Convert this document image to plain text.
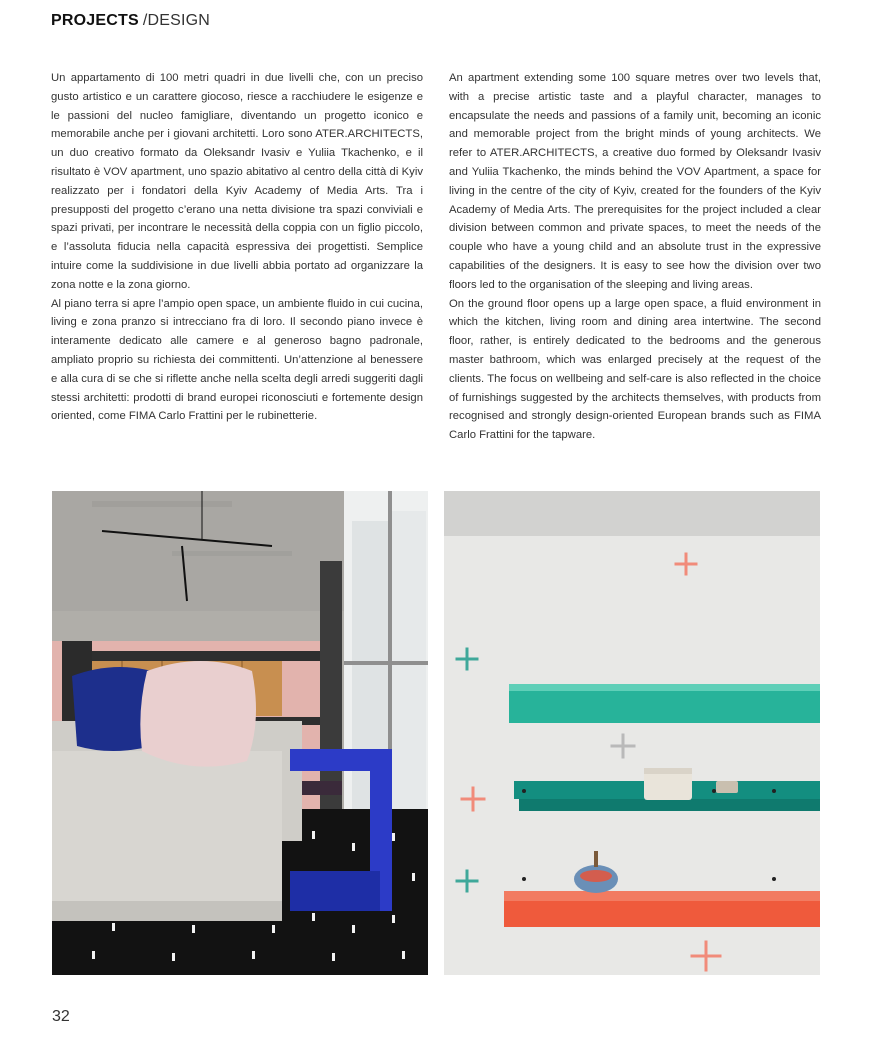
PROJECTS /DESIGN

Un appartamento di 100 metri quadri in due livelli che, con un preciso gusto artistico e un carattere giocoso, riesce a racchiudere le esigenze e le passioni del nucleo famigliare, diventando un progetto iconico e memorabile anche per i giovani architetti. Loro sono ATER.ARCHITECTS, un duo creativo formato da Oleksandr Ivasiv e Yuliia Tkachenko, e il risultato è VOV apartment, uno spazio abitativo al centro della città di Kyiv realizzato per i fondatori della Kyiv Academy of Media Arts. Tra i presupposti del progetto c’erano una netta divisione tra spazi conviviali e spazi privati, per incontrare le necessità della coppia con un figlio piccolo, e l’assoluta fiducia nella capacità espressiva dei progettisti. Semplice intuire come la suddivisione in due livelli abbia portato ad organizzare la zona notte e la zona giorno.

Al piano terra si apre l’ampio open space, un ambiente fluido in cui cucina, living e zona pranzo si intrecciano fra di loro. Il secondo piano invece è interamente dedicato alle camere e al generoso bagno padronale, ampliato proprio su richiesta dei committenti. Un’attenzione al benessere e alla cura di se che si riflette anche nella scelta degli arredi suggeriti dagli stessi architetti: prodotti di brand europei riconosciuti e fortemente design oriented, come FIMA Carlo Frattini per le rubinetterie.

An apartment extending some 100 square metres over two levels that, with a precise artistic taste and a playful character, manages to encapsulate the needs and passions of a family unit, becoming an iconic and memorable project from the bright minds of young architects. We refer to ATER.ARCHITECTS, a creative duo formed by Oleksandr Ivasiv and Yuliia Tkachenko, the minds behind the VOV Apartment, a space for living in the centre of the city of Kyiv, created for the founders of the Kyiv Academy of Media Arts. The prerequisites for the project included a clear division between common and private spaces, to meet the needs of the couple who have a young child and an absolute trust in the expressive capabilities of the designers. It is easy to see how the division over two floors led to the organisation of the sleeping and living areas.

On the ground floor opens up a large open space, a fluid environment in which the kitchen, living room and dining area intertwine. The second floor, rather, is entirely dedicated to the bedrooms and the generous master bathroom, which was enlarged precisely at the request of the clients. The focus on wellbeing and self-care is also reflected in the choice of furnishings suggested by the architects themselves, with products from recognised and strongly design-oriented European brands such as FIMA Carlo Frattini for the tapware.

32
